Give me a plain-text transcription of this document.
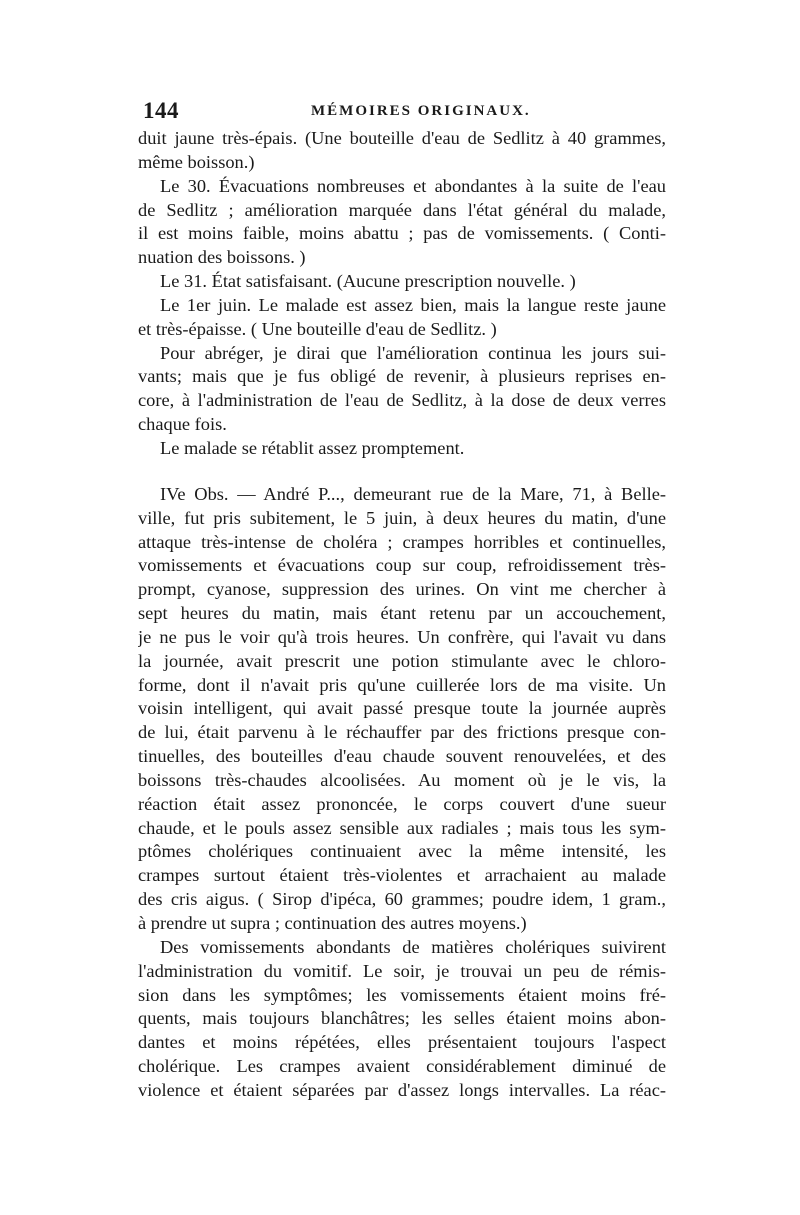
144	MÉMOIRES ORIGINAUX.
duit jaune très-épais. (Une bouteille d'eau de Sedlitz à 40 grammes,
même boisson.)
Le 30. Évacuations nombreuses et abondantes à la suite de l'eau
de Sedlitz ; amélioration marquée dans l'état général du malade,
il est moins faible, moins abattu ; pas de vomissements. ( Conti-
nuation des boissons. )
Le 31. État satisfaisant. (Aucune prescription nouvelle. )
Le 1er juin. Le malade est assez bien, mais la langue reste jaune
et très-épaisse. ( Une bouteille d'eau de Sedlitz. )
Pour abréger, je dirai que l'amélioration continua les jours sui-
vants; mais que je fus obligé de revenir, à plusieurs reprises en-
core, à l'administration de l'eau de Sedlitz, à la dose de deux verres
chaque fois.
Le malade se rétablit assez promptement.
IVe Obs. — André P..., demeurant rue de la Mare, 71, à Belle-
ville, fut pris subitement, le 5 juin, à deux heures du matin, d'une
attaque très-intense de choléra ; crampes horribles et continuelles,
vomissements et évacuations coup sur coup, refroidissement très-
prompt, cyanose, suppression des urines. On vint me chercher à
sept heures du matin, mais étant retenu par un accouchement,
je ne pus le voir qu'à trois heures. Un confrère, qui l'avait vu dans
la journée, avait prescrit une potion stimulante avec le chloro-
forme, dont il n'avait pris qu'une cuillerée lors de ma visite. Un
voisin intelligent, qui avait passé presque toute la journée auprès
de lui, était parvenu à le réchauffer par des frictions presque con-
tinuelles, des bouteilles d'eau chaude souvent renouvelées, et des
boissons très-chaudes alcoolisées. Au moment où je le vis, la
réaction était assez prononcée, le corps couvert d'une sueur
chaude, et le pouls assez sensible aux radiales ; mais tous les sym-
ptômes cholériques continuaient avec la même intensité, les
crampes surtout étaient très-violentes et arrachaient au malade
des cris aigus. ( Sirop d'ipéca, 60 grammes; poudre idem, 1 gram.,
à prendre ut supra ; continuation des autres moyens.)
Des vomissements abondants de matières cholériques suivirent
l'administration du vomitif. Le soir, je trouvai un peu de rémis-
sion dans les symptômes; les vomissements étaient moins fré-
quents, mais toujours blanchâtres; les selles étaient moins abon-
dantes et moins répétées, elles présentaient toujours l'aspect
cholérique. Les crampes avaient considérablement diminué de
violence et étaient séparées par d'assez longs intervalles. La réac-
